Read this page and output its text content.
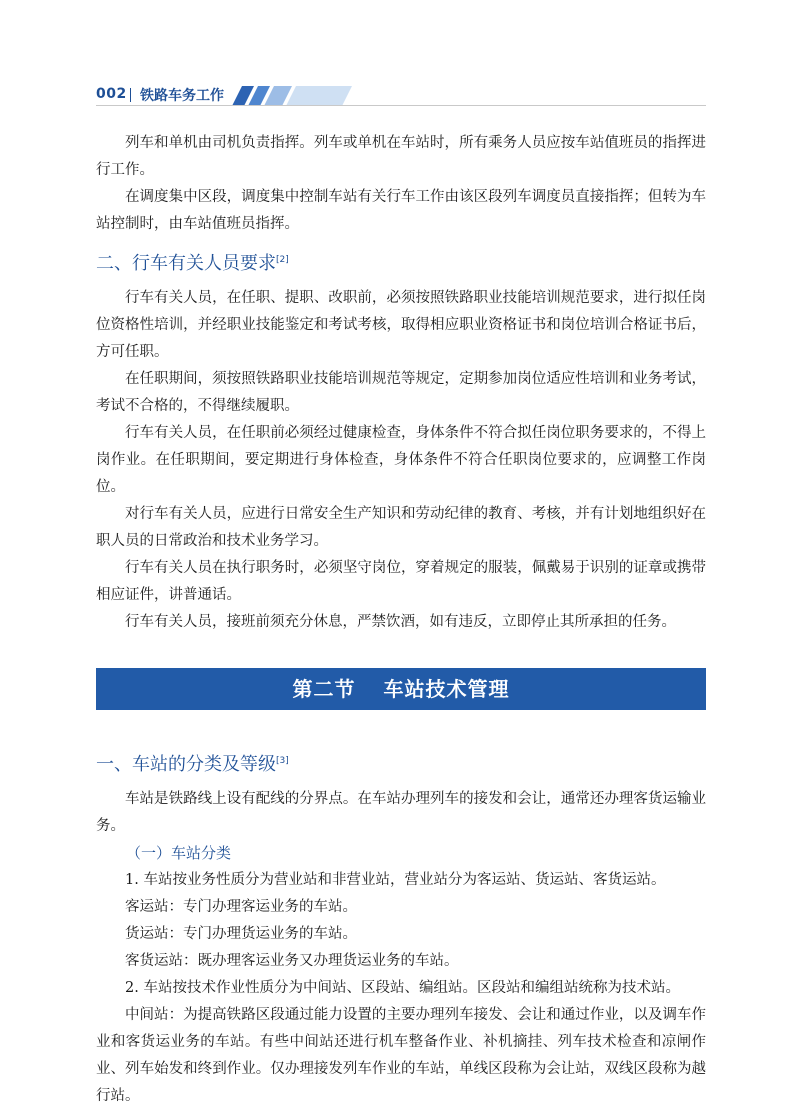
002 铁路车务工作

列车和单机由司机负责指挥。列车或单机在车站时，所有乘务人员应按车站值班员的指挥进行工作。

在调度集中区段，调度集中控制车站有关行车工作由该区段列车调度员直接指挥；但转为车站控制时，由车站值班员指挥。

二、行车有关人员要求[2]

行车有关人员，在任职、提职、改职前，必须按照铁路职业技能培训规范要求，进行拟任岗位资格性培训，并经职业技能鉴定和考试考核，取得相应职业资格证书和岗位培训合格证书后，方可任职。

在任职期间，须按照铁路职业技能培训规范等规定，定期参加岗位适应性培训和业务考试，考试不合格的，不得继续履职。

行车有关人员，在任职前必须经过健康检查，身体条件不符合拟任岗位职务要求的，不得上岗作业。在任职期间，要定期进行身体检查，身体条件不符合任职岗位要求的，应调整工作岗位。

对行车有关人员，应进行日常安全生产知识和劳动纪律的教育、考核，并有计划地组织好在职人员的日常政治和技术业务学习。

行车有关人员在执行职务时，必须坚守岗位，穿着规定的服装，佩戴易于识别的证章或携带相应证件，讲普通话。

行车有关人员，接班前须充分休息，严禁饮酒，如有违反，立即停止其所承担的任务。

第二节 车站技术管理
一、车站的分类及等级[3]

车站是铁路线上设有配线的分界点。在车站办理列车的接发和会让，通常还办理客货运输业务。

（一）车站分类

1. 车站按业务性质分为营业站和非营业站，营业站分为客运站、货运站、客货运站。

客运站：专门办理客运业务的车站。

货运站：专门办理货运业务的车站。

客货运站：既办理客运业务又办理货运业务的车站。

2. 车站按技术作业性质分为中间站、区段站、编组站。区段站和编组站统称为技术站。

中间站：为提高铁路区段通过能力设置的主要办理列车接发、会让和通过作业，以及调车作业和客货运业务的车站。有些中间站还进行机车整备作业、补机摘挂、列车技术检查和凉闸作业、列车始发和终到作业。仅办理接发列车作业的车站，单线区段称为会让站，双线区段称为越行站。
